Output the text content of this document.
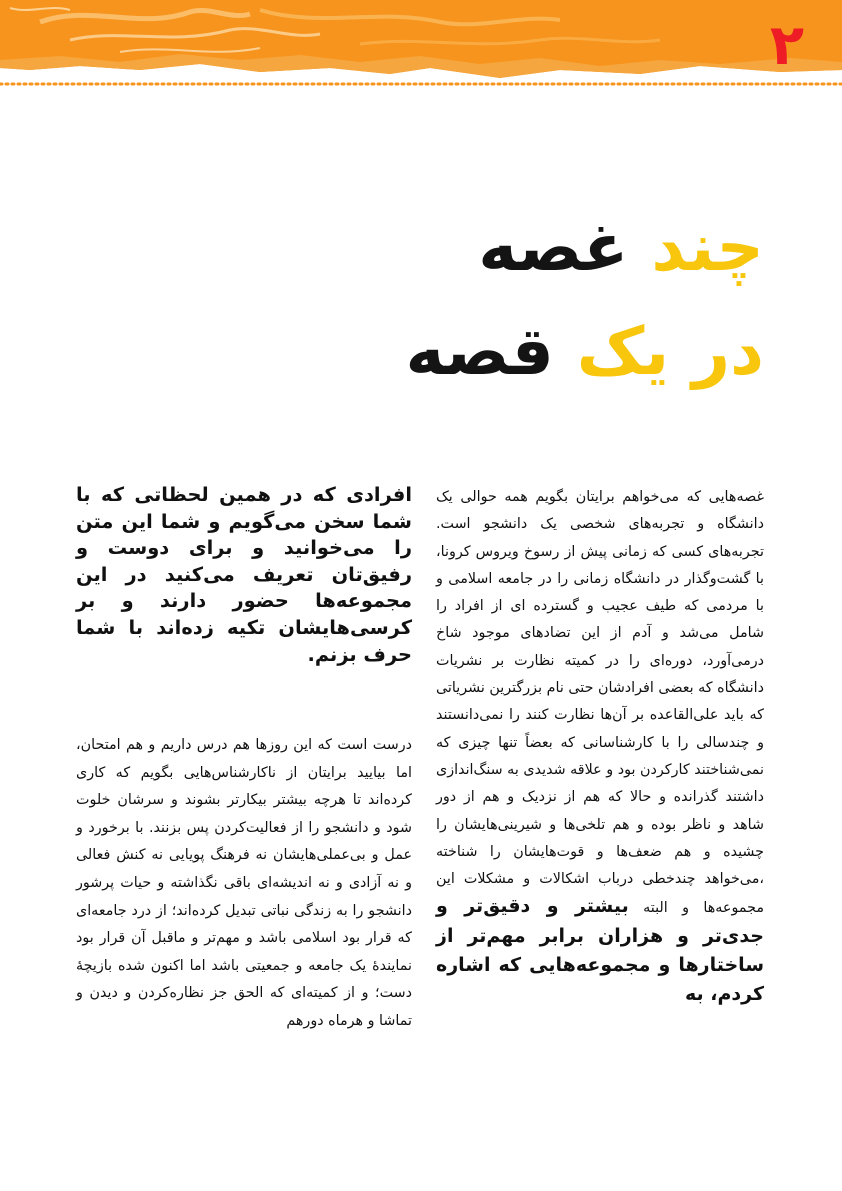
۲
چند غصه
در یک قصه
غصه‌هایی که می‌خواهم برایتان بگویم همه حوالی یک دانشگاه و تجربه‌های شخصی یک دانشجو است. تجربه‌های کسی که زمانی پیش از رسوخ ویروس کرونا، با گشت‌وگذار در دانشگاه زمانی را در جامعه اسلامی و با مردمی که طیف عجیب و گسترده ای از افراد را شامل می‌شد و آدم از این تضادهای موجود شاخ درمی‌آورد، دوره‌ای را در کمیته نظارت بر نشریات دانشگاه که بعضی افرادشان حتی نام بزرگترین نشریاتی که باید علی‌القاعده بر آن‌ها نظارت کنند را نمی‌دانستند و چندسالی را با کارشناسانی که بعضاً تنها چیزی که نمی‌شناختند کارکردن بود و علاقه شدیدی به سنگ‌اندازی داشتند گذرانده و حالا که هم از نزدیک و هم از دور شاهد و ناظر بوده و هم تلخی‌ها و شیرینی‌هایشان را چشیده و هم ضعف‌ها و قوت‌هایشان را شناخته ،می‌خواهد چندخطی درباب اشکالات و مشکلات این مجموعه‌ها و البته بیشتر و دقیق‌تر و جدی‌تر و هزاران برابر مهم‌تر از ساختارها و مجموعه‌هایی که اشاره کردم، به
افرادی که در همین لحظاتی که با شما سخن می‌گویم و شما این متن را می‌خوانید و برای دوست و رفیق‌تان تعریف می‌کنید در این مجموعه‌ها حضور دارند و بر کرسی‌هایشان تکیه زده‌اند با شما حرف بزنم.
درست است که این روزها هم درس داریم و هم امتحان، اما بیایید برایتان از ناکارشناس‌هایی بگویم که کاری کرده‌اند تا هرچه بیشتر بیکارتر بشوند و سرشان خلوت شود و دانشجو را از فعالیت‌کردن پس بزنند. با برخورد و عمل و بی‌عملی‌هایشان نه فرهنگ پویایی نه کنش فعالی و نه آزادی و نه اندیشه‌ای باقی نگذاشته و حیات پرشور دانشجو را به زندگی نباتی تبدیل کرده‌اند؛ از درد جامعه‌ای که قرار بود اسلامی باشد و مهم‌تر و ماقبل آن قرار بود نمایندهٔ یک جامعه و جمعیتی باشد اما اکنون شده بازیچهٔ دست؛ و از کمیته‌ای که الحق جز نظاره‌کردن و دیدن و تماشا و هرماه دورهم
